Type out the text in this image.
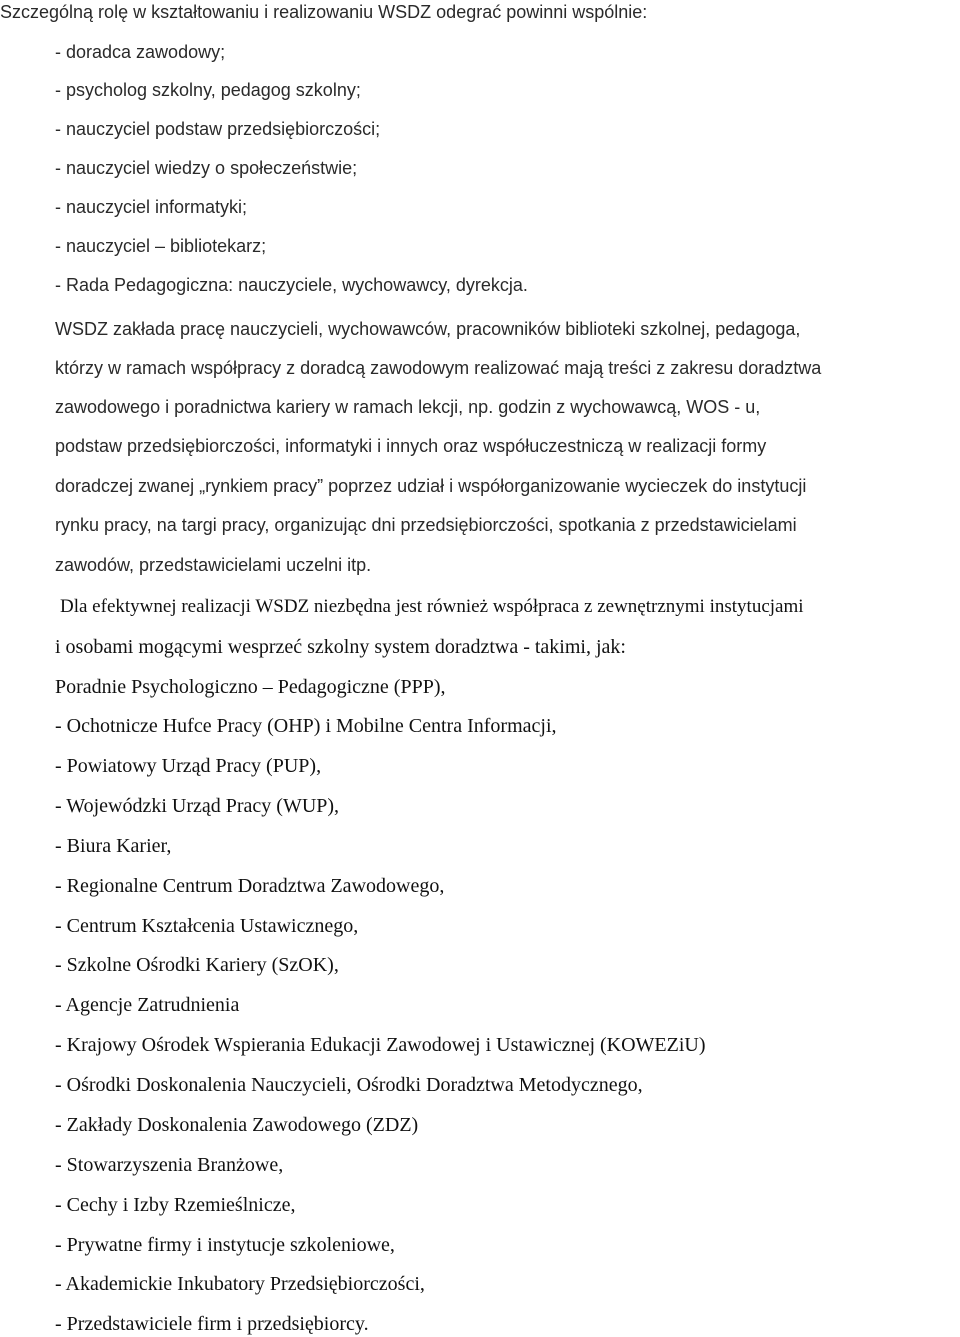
Szczególną rolę w kształtowaniu i realizowaniu WSDZ odegrać powinni wspólnie:
- doradca zawodowy;
- psycholog szkolny, pedagog szkolny;
- nauczyciel podstaw przedsiębiorczości;
- nauczyciel wiedzy o społeczeństwie;
- nauczyciel informatyki;
- nauczyciel – bibliotekarz;
- Rada Pedagogiczna: nauczyciele, wychowawcy, dyrekcja.
WSDZ zakłada pracę nauczycieli, wychowawców, pracowników biblioteki szkolnej, pedagoga,
którzy w ramach współpracy z doradcą zawodowym realizować mają treści z zakresu doradztwa
zawodowego i poradnictwa kariery w ramach lekcji, np. godzin z wychowawcą, WOS - u,
podstaw przedsiębiorczości, informatyki i innych oraz współuczestniczą w realizacji formy
doradczej zwanej „rynkiem pracy” poprzez udział i współorganizowanie wycieczek do instytucji
rynku pracy, na targi pracy, organizując dni przedsiębiorczości, spotkania z przedstawicielami
zawodów, przedstawicielami uczelni itp.
Dla efektywnej realizacji WSDZ niezbędna jest również współpraca z zewnętrznymi instytucjami
i osobami mogącymi wesprzeć szkolny system doradztwa - takimi, jak:
Poradnie Psychologiczno – Pedagogiczne (PPP),
- Ochotnicze Hufce Pracy (OHP) i Mobilne Centra Informacji,
- Powiatowy Urząd Pracy (PUP),
- Wojewódzki Urząd Pracy (WUP),
- Biura Karier,
- Regionalne Centrum Doradztwa Zawodowego,
- Centrum Kształcenia Ustawicznego,
- Szkolne Ośrodki Kariery (SzOK),
- Agencje Zatrudnienia
- Krajowy Ośrodek Wspierania Edukacji Zawodowej i Ustawicznej (KOWEZiU)
- Ośrodki Doskonalenia Nauczycieli, Ośrodki Doradztwa Metodycznego,
- Zakłady Doskonalenia Zawodowego (ZDZ)
- Stowarzyszenia Branżowe,
- Cechy i Izby Rzemieślnicze,
- Prywatne firmy i instytucje szkoleniowe,
- Akademickie Inkubatory Przedsiębiorczości,
- Przedstawiciele firm i przedsiębiorcy.
